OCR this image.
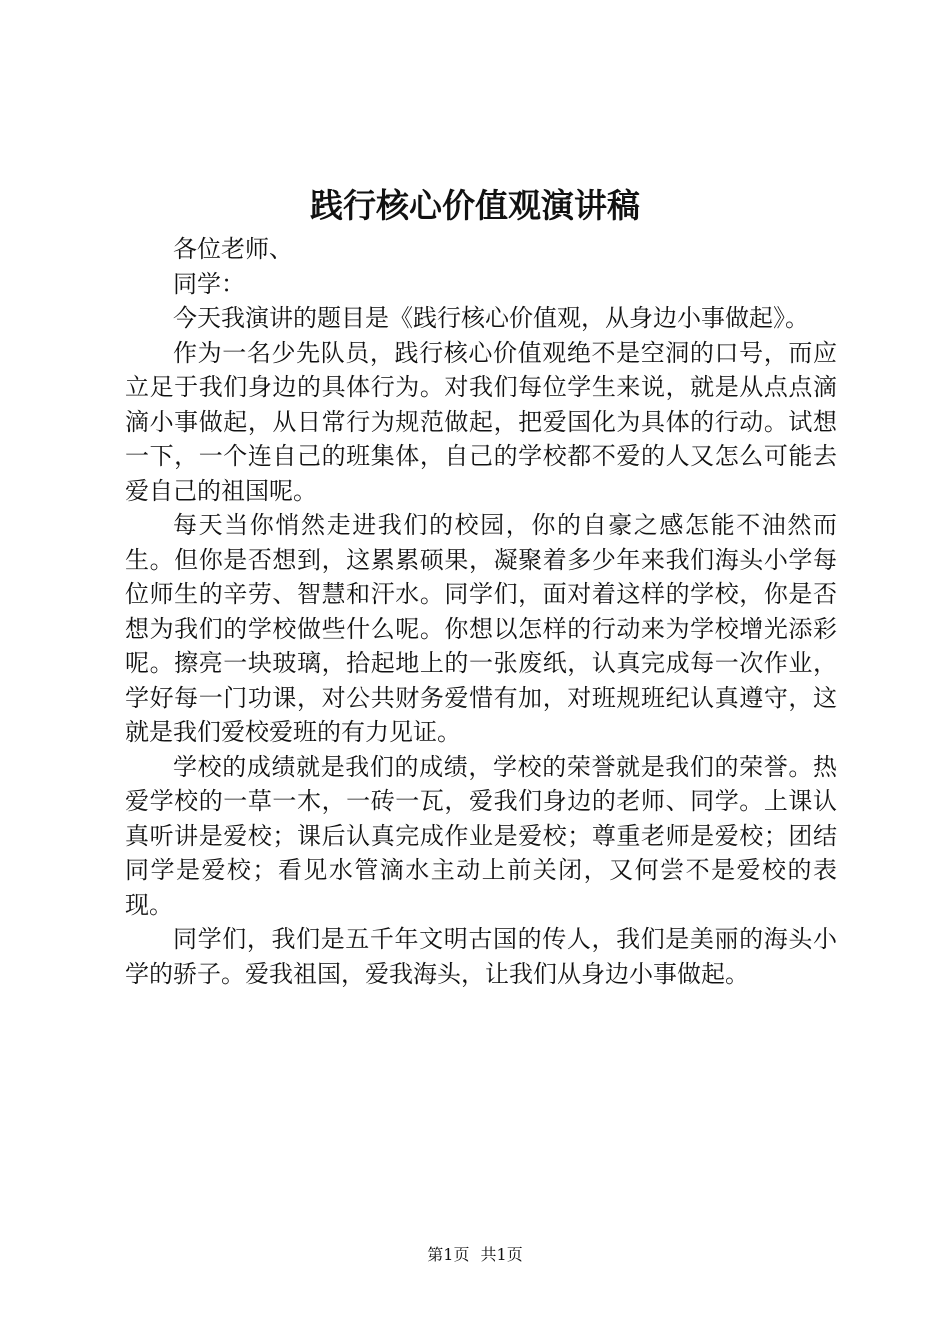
践行核心价值观演讲稿

各位老师、

同学：

今天我演讲的题目是《践行核心价值观，从身边小事做起》。

作为一名少先队员，践行核心价值观绝不是空洞的口号，而应立足于我们身边的具体行为。对我们每位学生来说，就是从点点滴滴小事做起，从日常行为规范做起，把爱国化为具体的行动。试想一下，一个连自己的班集体，自己的学校都不爱的人又怎么可能去爱自己的祖国呢。

每天当你悄然走进我们的校园，你的自豪之感怎能不油然而生。但你是否想到，这累累硕果，凝聚着多少年来我们海头小学每位师生的辛劳、智慧和汗水。同学们，面对着这样的学校，你是否想为我们的学校做些什么呢。你想以怎样的行动来为学校增光添彩呢。擦亮一块玻璃，拾起地上的一张废纸，认真完成每一次作业，学好每一门功课，对公共财务爱惜有加，对班规班纪认真遵守，这就是我们爱校爱班的有力见证。

学校的成绩就是我们的成绩，学校的荣誉就是我们的荣誉。热爱学校的一草一木，一砖一瓦，爱我们身边的老师、同学。上课认真听讲是爱校；课后认真完成作业是爱校；尊重老师是爱校；团结同学是爱校；看见水管滴水主动上前关闭，又何尝不是爱校的表现。

同学们，我们是五千年文明古国的传人，我们是美丽的海头小学的骄子。爱我祖国，爱我海头，让我们从身边小事做起。

第1页 共1页
